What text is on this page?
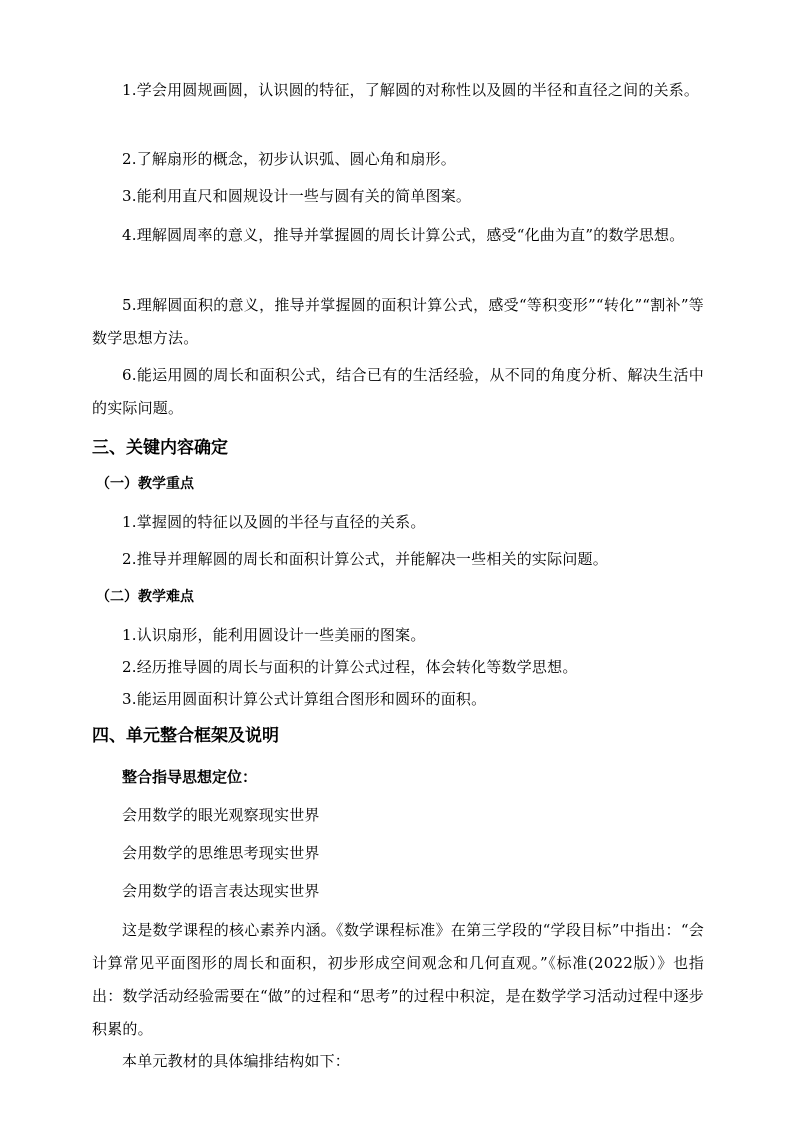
1.学会用圆规画圆，认识圆的特征，了解圆的对称性以及圆的半径和直径之间的关系。
2.了解扇形的概念，初步认识弧、圆心角和扇形。
3.能利用直尺和圆规设计一些与圆有关的简单图案。
4.理解圆周率的意义，推导并掌握圆的周长计算公式，感受“化曲为直”的数学思想。
5.理解圆面积的意义，推导并掌握圆的面积计算公式，感受“等积变形”“转化”“割补”等数学思想方法。
6.能运用圆的周长和面积公式，结合已有的生活经验，从不同的角度分析、解决生活中的实际问题。
三、关键内容确定
（一）教学重点
1.掌握圆的特征以及圆的半径与直径的关系。
2.推导并理解圆的周长和面积计算公式，并能解决一些相关的实际问题。
（二）教学难点
1.认识扇形，能利用圆设计一些美丽的图案。
2.经历推导圆的周长与面积的计算公式过程，体会转化等数学思想。
3.能运用圆面积计算公式计算组合图形和圆环的面积。
四、单元整合框架及说明
整合指导思想定位：
会用数学的眼光观察现实世界
会用数学的思维思考现实世界
会用数学的语言表达现实世界
这是数学课程的核心素养内涵。《数学课程标准》在第三学段的“学段目标”中指出：“会计算常见平面图形的周长和面积，初步形成空间观念和几何直观。”《标准(2022版）》也指出：数学活动经验需要在“做”的过程和“思考”的过程中积淀，是在数学学习活动过程中逐步积累的。
本单元教材的具体编排结构如下：
